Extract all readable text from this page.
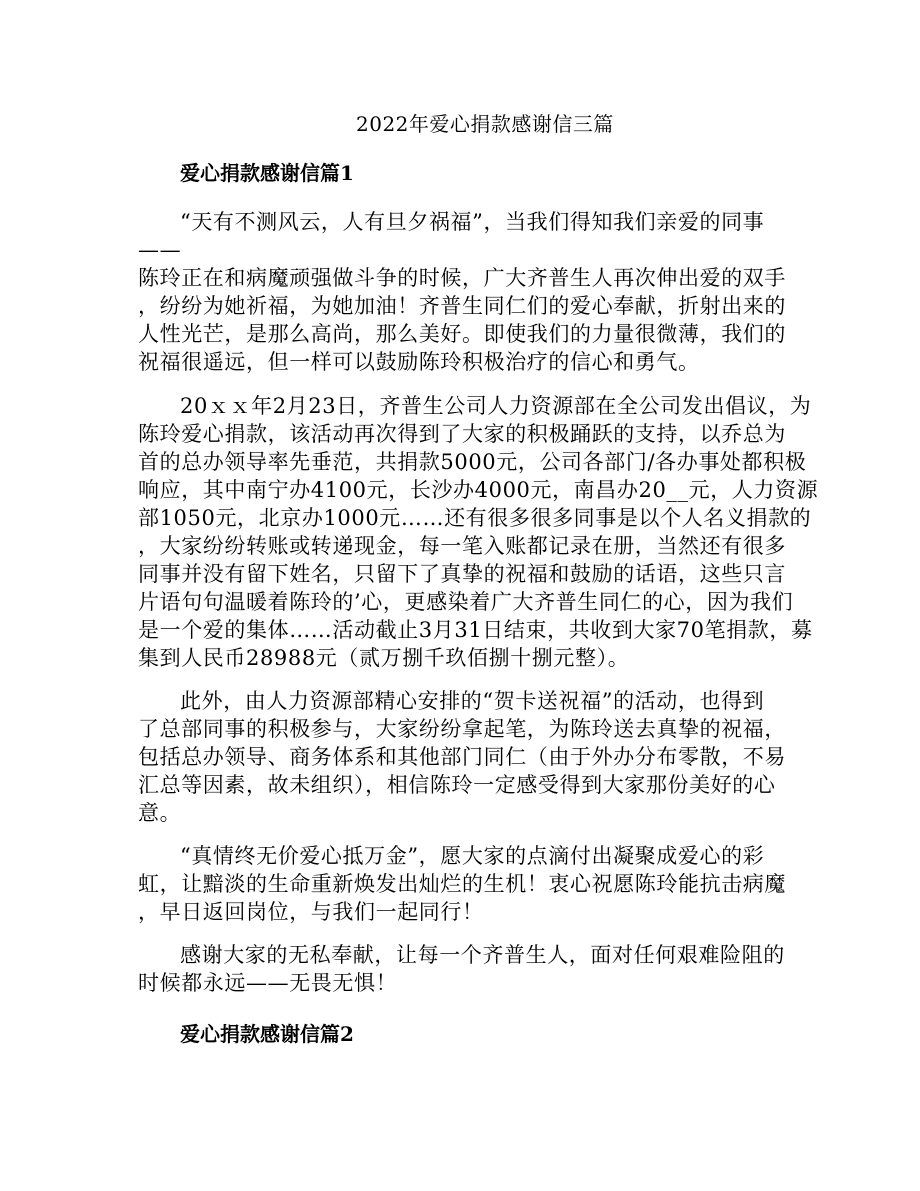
2022年爱心捐款感谢信三篇
爱心捐款感谢信篇1
“天有不测风云，人有旦夕祸福”，当我们得知我们亲爱的同事
——
陈玲正在和病魔顽强做斗争的时候，广大齐普生人再次伸出爱的双手
，纷纷为她祈福，为她加油！齐普生同仁们的爱心奉献，折射出来的
人性光芒，是那么高尚，那么美好。即使我们的力量很微薄，我们的
祝福很遥远，但一样可以鼓励陈玲积极治疗的信心和勇气。
20ｘｘ年2月23日，齐普生公司人力资源部在全公司发出倡议，为
陈玲爱心捐款，该活动再次得到了大家的积极踊跃的支持，以乔总为
首的总办领导率先垂范，共捐款5000元，公司各部门/各办事处都积极
响应，其中南宁办4100元，长沙办4000元，南昌办20__元，人力资源
部1050元，北京办1000元……还有很多很多同事是以个人名义捐款的
，大家纷纷转账或转递现金，每一笔入账都记录在册，当然还有很多
同事并没有留下姓名，只留下了真挚的祝福和鼓励的话语，这些只言
片语句句温暖着陈玲的’心，更感染着广大齐普生同仁的心，因为我们
是一个爱的集体……活动截止3月31日结束，共收到大家70笔捐款，募
集到人民币28988元（贰万捌千玖佰捌十捌元整）。
此外，由人力资源部精心安排的“贺卡送祝福”的活动，也得到
了总部同事的积极参与，大家纷纷拿起笔，为陈玲送去真挚的祝福，
包括总办领导、商务体系和其他部门同仁（由于外办分布零散，不易
汇总等因素，故未组织），相信陈玲一定感受得到大家那份美好的心
意。
“真情终无价爱心抵万金”，愿大家的点滴付出凝聚成爱心的彩
虹，让黯淡的生命重新焕发出灿烂的生机！衷心祝愿陈玲能抗击病魔
，早日返回岗位，与我们一起同行！
感谢大家的无私奉献，让每一个齐普生人，面对任何艰难险阻的
时候都永远——无畏无惧！
爱心捐款感谢信篇2
